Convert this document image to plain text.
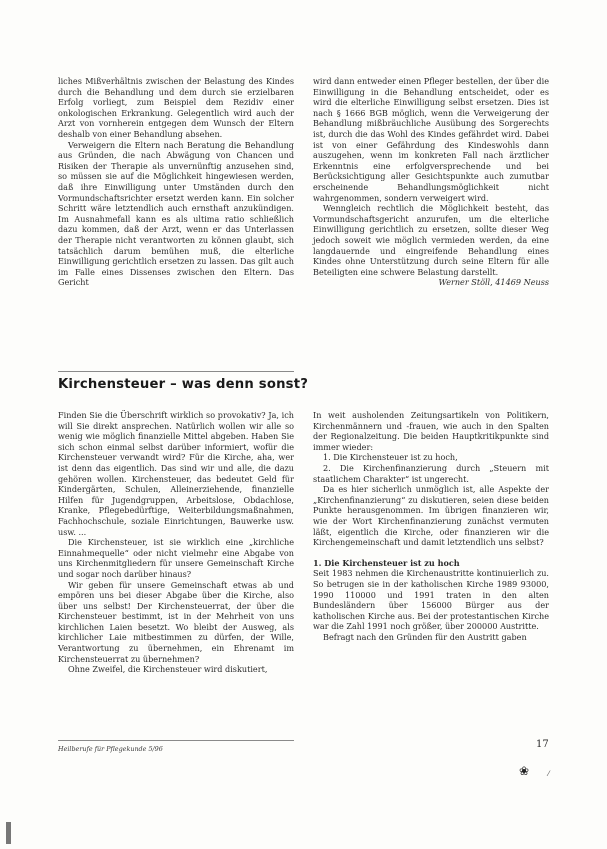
liches Mißverhältnis zwischen der Belastung des Kindes durch die Behandlung und dem durch sie erzielbaren Erfolg vorliegt, zum Beispiel dem Rezidiv einer onkologischen Erkrankung. Gelegentlich wird auch der Arzt von vornherein entgegen dem Wunsch der Eltern deshalb von einer Behandlung absehen.

Verweigern die Eltern nach Beratung die Behandlung aus Gründen, die nach Abwägung von Chancen und Risiken der Therapie als unvernünftig anzusehen sind, so müssen sie auf die Möglichkeit hingewiesen werden, daß ihre Einwilligung unter Umständen durch den Vormundschaftsrichter ersetzt werden kann. Ein solcher Schritt wäre letztendlich auch ernsthaft anzukündigen. Im Ausnahmefall kann es als ultima ratio schließlich dazu kommen, daß der Arzt, wenn er das Unterlassen der Therapie nicht verantworten zu können glaubt, sich tatsächlich darum bemühen muß, die elterliche Einwilligung gerichtlich ersetzen zu lassen. Das gilt auch im Falle eines Dissenses zwischen den Eltern. Das Gericht

wird dann entweder einen Pfleger bestellen, der über die Einwilligung in die Behandlung entscheidet, oder es wird die elterliche Einwilligung selbst ersetzen. Dies ist nach § 1666 BGB möglich, wenn die Verweigerung der Behandlung mißbräuchliche Ausübung des Sorgerechts ist, durch die das Wohl des Kindes gefährdet wird. Dabei ist von einer Gefährdung des Kindeswohls dann auszugehen, wenn im konkreten Fall nach ärztlicher Erkenntnis eine erfolgversprechende und bei Berücksichtigung aller Gesichtspunkte auch zumutbar erscheinende Behandlungsmöglichkeit nicht wahrgenommen, sondern verweigert wird.

Wenngleich rechtlich die Möglichkeit besteht, das Vormundschaftsgericht anzurufen, um die elterliche Einwilligung gerichtlich zu ersetzen, sollte dieser Weg jedoch soweit wie möglich vermieden werden, da eine langdauernde und eingreifende Behandlung eines Kindes ohne Unterstützung durch seine Eltern für alle Beteiligten eine schwere Belastung darstellt.

Werner Stöll, 41469 Neuss

Kirchensteuer – was denn sonst?

Finden Sie die Überschrift wirklich so provokativ? Ja, ich will Sie direkt ansprechen. Natürlich wollen wir alle so wenig wie möglich finanzielle Mittel abgeben. Haben Sie sich schon einmal selbst darüber informiert, wofür die Kirchensteuer verwandt wird? Für die Kirche, aha, wer ist denn das eigentlich. Das sind wir und alle, die dazu gehören wollen. Kirchensteuer, das bedeutet Geld für Kindergärten, Schulen, Alleinerziehende, finanzielle Hilfen für Jugendgruppen, Arbeitslose, Obdachlose, Kranke, Pflegebedürftige, Weiterbildungsmaßnahmen, Fachhochschule, soziale Einrichtungen, Bauwerke usw. usw. ...

Die Kirchensteuer, ist sie wirklich eine „kirchliche Einnahmequelle“ oder nicht vielmehr eine Abgabe von uns Kirchenmitgliedern für unsere Gemeinschaft Kirche und sogar noch darüber hinaus?

Wir geben für unsere Gemeinschaft etwas ab und empören uns bei dieser Abgabe über die Kirche, also über uns selbst! Der Kirchensteuerrat, der über die Kirchensteuer bestimmt, ist in der Mehrheit von uns kirchlichen Laien besetzt. Wo bleibt der Ausweg, als kirchlicher Laie mitbestimmen zu dürfen, der Wille, Verantwortung zu übernehmen, ein Ehrenamt im Kirchensteuerrat zu übernehmen?

Ohne Zweifel, die Kirchensteuer wird diskutiert,

In weit ausholenden Zeitungsartikeln von Politikern, Kirchenmännern und -frauen, wie auch in den Spalten der Regionalzeitung. Die beiden Hauptkritikpunkte sind immer wieder:

1. Die Kirchensteuer ist zu hoch,

2. Die Kirchenfinanzierung durch „Steuern mit staatlichem Charakter“ ist ungerecht.

Da es hier sicherlich unmöglich ist, alle Aspekte der „Kirchenfinanzierung“ zu diskutieren, seien diese beiden Punkte herausgenommen. Im übrigen finanzieren wir, wie der Wort Kirchenfinanzierung zunächst vermuten läßt, eigentlich die Kirche, oder finanzieren wir die Kirchengemeinschaft und damit letztendlich uns selbst?

1. Die Kirchensteuer ist zu hoch

Seit 1983 nehmen die Kirchenaustritte kontinuierlich zu. So betrugen sie in der katholischen Kirche 1989 93000, 1990 110000 und 1991 traten in den alten Bundesländern über 156000 Bürger aus der katholischen Kirche aus. Bei der protestantischen Kirche war die Zahl 1991 noch größer, über 200000 Austritte.

Befragt nach den Gründen für den Austritt gaben

Heilberufe für Pflegekunde 5/96	17
❀	⁄
